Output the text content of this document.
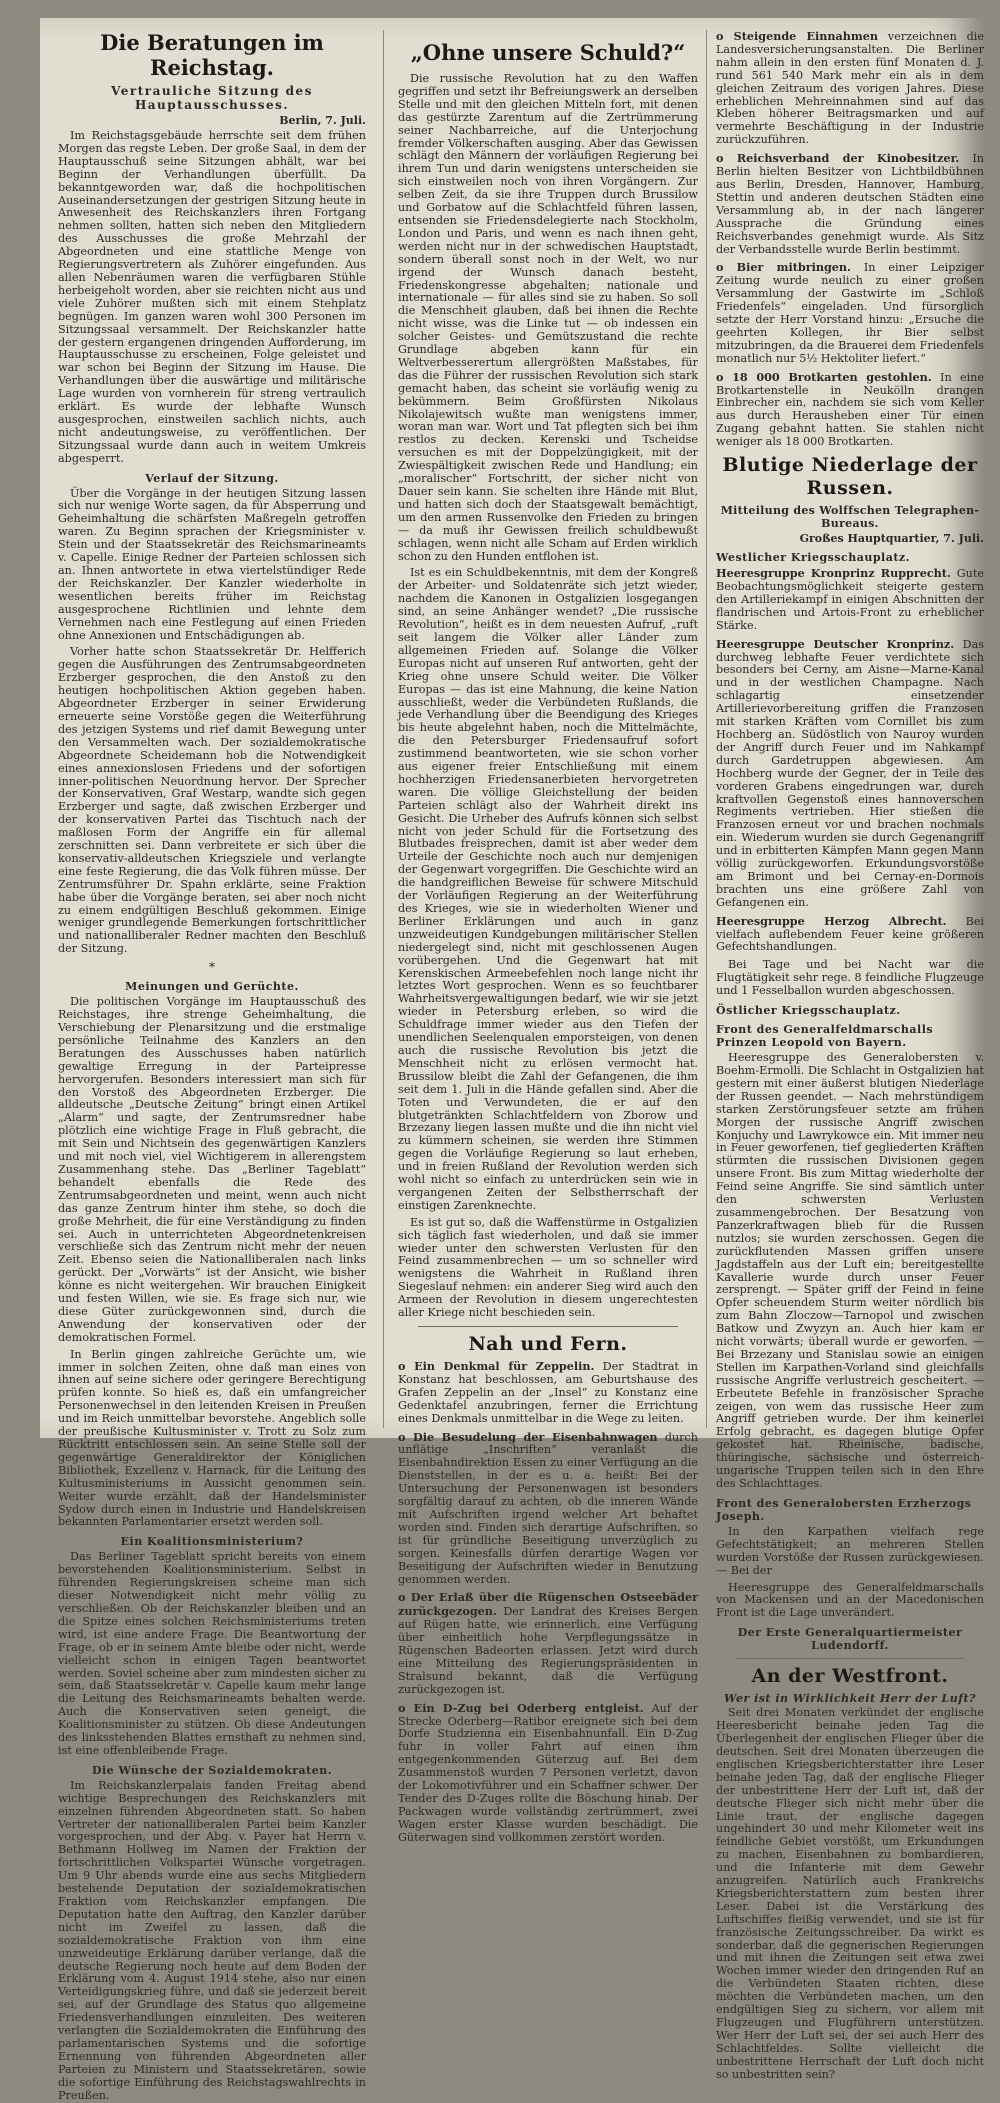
Die Beratungen im Reichstag.
Vertrauliche Sitzung des Hauptausschusses.
Berlin, 7. Juli.

Im Reichstagsgebäude herrschte seit dem frühen Morgen das regste Leben. Der große Saal, in dem der Hauptausschuß seine Sitzungen abhält, war bei Beginn der Verhandlungen überfüllt. Da bekanntgeworden war, daß die hochpolitischen Auseinandersetzungen der gestrigen Sitzung heute in Anwesenheit des Reichskanzlers ihren Fortgang nehmen sollten, hatten sich neben den Mitgliedern des Ausschusses die große Mehrzahl der Abgeordneten und eine stattliche Menge von Regierungsvertretern als Zuhörer eingefunden. Aus allen Nebenräumen waren die verfügbaren Stühle herbeigeholt worden, aber sie reichten nicht aus und viele Zuhörer mußten sich mit einem Stehplatz begnügen. Im ganzen waren wohl 300 Personen im Sitzungssaal versammelt. Der Reichskanzler hatte der gestern ergangenen dringenden Aufforderung, im Hauptausschusse zu erscheinen, Folge geleistet und war schon bei Beginn der Sitzung im Hause. Die Verhandlungen über die auswärtige und militärische Lage wurden von vornherein für streng vertraulich erklärt. Es wurde der lebhafte Wunsch ausgesprochen, einstweilen sachlich nichts, auch nicht andeutungsweise, zu veröffentlichen. Der Sitzungssaal wurde dann auch in weitem Umkreis abgesperrt.

Verlauf der Sitzung.

Über die Vorgänge in der heutigen Sitzung lassen sich nur wenige Worte sagen, da für Absperrung und Geheimhaltung die schärfsten Maßregeln getroffen waren. Zu Beginn sprachen der Kriegsminister v. Stein und der Staatssekretär des Reichsmarineamts v. Capelle. Einige Redner der Parteien schlossen sich an. Ihnen antwortete in etwa viertelstündiger Rede der Reichskanzler. Der Kanzler wiederholte in wesentlichen bereits früher im Reichstag ausgesprochene Richtlinien und lehnte dem Vernehmen nach eine Festlegung auf einen Frieden ohne Annexionen und Entschädigungen ab.

Vorher hatte schon Staatssekretär Dr. Helfferich gegen die Ausführungen des Zentrumsabgeordneten Erzberger gesprochen, die den Anstoß zu den heutigen hochpolitischen Aktion gegeben haben. Abgeordneter Erzberger in seiner Erwiderung erneuerte seine Vorstöße gegen die Weiterführung des jetzigen Systems und rief damit Bewegung unter den Versammelten wach. Der sozialdemokratische Abgeordnete Scheidemann hob die Notwendigkeit eines annexionslosen Friedens und der sofortigen inner-politischen Neuordnung hervor. Der Sprecher der Konservativen, Graf Westarp, wandte sich gegen Erzberger und sagte, daß zwischen Erzberger und der konservativen Partei das Tischtuch nach der maßlosen Form der Angriffe ein für allemal zerschnitten sei. Dann verbreitete er sich über die konservativ-alldeutschen Kriegsziele und verlangte eine feste Regierung, die das Volk führen müsse. Der Zentrumsführer Dr. Spahn erklärte, seine Fraktion habe über die Vorgänge beraten, sei aber noch nicht zu einem endgültigen Beschluß gekommen. Einige weniger grundlegende Bemerkungen fortschrittlicher und nationalliberaler Redner machten den Beschluß der Sitzung.

*
Meinungen und Gerüchte.

Die politischen Vorgänge im Hauptausschuß des Reichstages, ihre strenge Geheimhaltung, die Verschiebung der Plenarsitzung und die erstmalige persönliche Teilnahme des Kanzlers an den Beratungen des Ausschusses haben natürlich gewaltige Erregung in der Parteipresse hervorgerufen. Besonders interessiert man sich für den Vorstoß des Abgeordneten Erzberger. Die alldeutsche „Deutsche Zeitung“ bringt einen Artikel „Alarm“ und sagte, der Zentrumsredner habe plötzlich eine wichtige Frage in Fluß gebracht, die mit Sein und Nichtsein des gegenwärtigen Kanzlers und mit noch viel, viel Wichtigerem in allerengstem Zusammenhang stehe. Das „Berliner Tageblatt“ behandelt ebenfalls die Rede des Zentrumsabgeordneten und meint, wenn auch nicht das ganze Zentrum hinter ihm stehe, so doch die große Mehrheit, die für eine Verständigung zu finden sei. Auch in unterrichteten Abgeordnetenkreisen verschließe sich das Zentrum nicht mehr der neuen Zeit. Ebenso seien die Nationalliberalen nach links gerückt. Der „Vorwärts“ ist der Ansicht, wie bisher könne es nicht weitergehen. Wir brauchen Einigkeit und festen Willen, wie sie. Es frage sich nur, wie diese Güter zurückgewonnen sind, durch die Anwendung der konservativen oder der demokratischen Formel.

In Berlin gingen zahlreiche Gerüchte um, wie immer in solchen Zeiten, ohne daß man eines von ihnen auf seine sichere oder geringere Berechtigung prüfen konnte. So hieß es, daß ein umfangreicher Personenwechsel in den leitenden Kreisen in Preußen und im Reich unmittelbar bevorstehe. Angeblich solle der preußische Kultusminister v. Trott zu Solz zum Rücktritt entschlossen sein. An seine Stelle soll der gegenwärtige Generaldirektor der Königlichen Bibliothek, Exzellenz v. Harnack, für die Leitung des Kultusministeriums in Aussicht genommen sein. Weiter wurde erzählt, daß der Handelsminister Sydow durch einen in Industrie und Handelskreisen bekannten Parlamentarier ersetzt werden soll.

Ein Koalitionsministerium?

Das Berliner Tageblatt spricht bereits von einem bevorstehenden Koalitionsministerium. Selbst in führenden Regierungskreisen scheine man sich dieser Notwendigkeit nicht mehr völlig zu verschließen. Ob der Reichskanzler bleiben und an die Spitze eines solchen Reichsministeriums treten wird, ist eine andere Frage. Die Beantwortung der Frage, ob er in seinem Amte bleibe oder nicht, werde vielleicht schon in einigen Tagen beantwortet werden. Soviel scheine aber zum mindesten sicher zu sein, daß Staatssekretär v. Capelle kaum mehr lange die Leitung des Reichsmarineamts behalten werde. Auch die Konservativen seien geneigt, die Koalitionsminister zu stützen. Ob diese Andeutungen des linksstehenden Blattes ernsthaft zu nehmen sind, ist eine offenbleibende Frage.

Die Wünsche der Sozialdemokraten.

Im Reichskanzlerpalais fanden Freitag abend wichtige Besprechungen des Reichskanzlers mit einzelnen führenden Abgeordneten statt. So haben Vertreter der nationalliberalen Partei beim Kanzler vorgesprochen, und der Abg. v. Payer hat Herrn v. Bethmann Hollweg im Namen der Fraktion der fortschrittlichen Volkspartei Wünsche vorgetragen. Um 9 Uhr abends wurde eine aus sechs Mitgliedern bestehende Deputation der sozialdemokratischen Fraktion vom Reichskanzler empfangen. Die Deputation hatte den Auftrag, den Kanzler darüber nicht im Zweifel zu lassen, daß die sozialdemokratische Fraktion von ihm eine unzweideutige Erklärung darüber verlange, daß die deutsche Regierung noch heute auf dem Boden der Erklärung vom 4. August 1914 stehe, also nur einen Verteidigungskrieg führe, und daß sie jederzeit bereit sei, auf der Grundlage des Status quo allgemeine Friedensverhandlungen einzuleiten. Des weiteren verlangten die Sozialdemokraten die Einführung des parlamentarischen Systems und die sofortige Ernennung von führenden Abgeordneten aller Parteien zu Ministern und Staatssekretären, sowie die sofortige Einführung des Reichstagswahlrechts in Preußen.

„Ohne unsere Schuld?“

Die russische Revolution hat zu den Waffen gegriffen und setzt ihr Befreiungswerk an derselben Stelle und mit den gleichen Mitteln fort, mit denen das gestürzte Zarentum auf die Zertrümmerung seiner Nachbarreiche, auf die Unterjochung fremder Völkerschaften ausging. Aber das Gewissen schlägt den Männern der vorläufigen Regierung bei ihrem Tun und darin wenigstens unterscheiden sie sich einstweilen noch von ihren Vorgängern. Zur selben Zeit, da sie ihre Truppen durch Brussilow und Gorbatow auf die Schlachtfeld führen lassen, entsenden sie Friedensdelegierte nach Stockholm, London und Paris, und wenn es nach ihnen geht, werden nicht nur in der schwedischen Hauptstadt, sondern überall sonst noch in der Welt, wo nur irgend der Wunsch danach besteht, Friedenskongresse abgehalten; nationale und internationale — für alles sind sie zu haben. So soll die Menschheit glauben, daß bei ihnen die Rechte nicht wisse, was die Linke tut — ob indessen ein solcher Geistes- und Gemütszustand die rechte Grundlage abgeben kann für ein Weltverbesserertum allergrößten Maßstabes, für das die Führer der russischen Revolution sich stark gemacht haben, das scheint sie vorläufig wenig zu bekümmern. Beim Großfürsten Nikolaus Nikolajewitsch wußte man wenigstens immer, woran man war. Wort und Tat pflegten sich bei ihm restlos zu decken. Kerenski und Tscheidse versuchen es mit der Doppelzüngigkeit, mit der Zwiespältigkeit zwischen Rede und Handlung; ein „moralischer“ Fortschritt, der sicher nicht von Dauer sein kann. Sie schelten ihre Hände mit Blut, und hatten sich doch der Staatsgewalt bemächtigt, um den armen Russenvolke den Frieden zu bringen — da muß ihr Gewissen freilich schuldbewußt schlagen, wenn nicht alle Scham auf Erden wirklich schon zu den Hunden entflohen ist.

Ist es ein Schuldbekenntnis, mit dem der Kongreß der Arbeiter- und Soldatenräte sich jetzt wieder, nachdem die Kanonen in Ostgalizien losgegangen sind, an seine Anhänger wendet? „Die russische Revolution“, heißt es in dem neuesten Aufruf, „ruft seit langem die Völker aller Länder zum allgemeinen Frieden auf. Solange die Völker Europas nicht auf unseren Ruf antworten, geht der Krieg ohne unsere Schuld weiter. Die Völker Europas — das ist eine Mahnung, die keine Nation ausschließt, weder die Verbündeten Rußlands, die jede Verhandlung über die Beendigung des Krieges bis heute abgelehnt haben, noch die Mittelmächte, die den Petersburger Friedensaufruf sofort zustimmend beantworteten, wie sie schon vorher aus eigener freier Entschließung mit einem hochherzigen Friedensanerbieten hervorgetreten waren. Die völlige Gleichstellung der beiden Parteien schlägt also der Wahrheit direkt ins Gesicht. Die Urheber des Aufrufs können sich selbst nicht von jeder Schuld für die Fortsetzung des Blutbades freisprechen, damit ist aber weder dem Urteile der Geschichte noch auch nur demjenigen der Gegenwart vorgegriffen. Die Geschichte wird an die handgreiflichen Beweise für schwere Mitschuld der Vorläufigen Regierung an der Weiterführung des Krieges, wie sie in wiederholten Wiener und Berliner Erklärungen und auch in ganz unzweideutigen Kundgebungen militärischer Stellen niedergelegt sind, nicht mit geschlossenen Augen vorübergehen. Und die Gegenwart hat mit Kerenskischen Armeebefehlen noch lange nicht ihr letztes Wort gesprochen. Wenn es so feuchtbarer Wahrheitsvergewaltigungen bedarf, wie wir sie jetzt wieder in Petersburg erleben, so wird die Schuldfrage immer wieder aus den Tiefen der unendlichen Seelenqualen emporsteigen, von denen auch die russische Revolution bis jetzt die Menschheit nicht zu erlösen vermocht hat. Brussilow bleibt die Zahl der Gefangenen, die ihm seit dem 1. Juli in die Hände gefallen sind. Aber die Toten und Verwundeten, die er auf den blutgetränkten Schlachtfeldern von Zborow und Brzezany liegen lassen mußte und die ihn nicht viel zu kümmern scheinen, sie werden ihre Stimmen gegen die Vorläufige Regierung so laut erheben, und in freien Rußland der Revolution werden sich wohl nicht so einfach zu unterdrücken sein wie in vergangenen Zeiten der Selbstherrschaft der einstigen Zarenknechte.

Es ist gut so, daß die Waffenstürme in Ostgalizien sich täglich fast wiederholen, und daß sie immer wieder unter den schwersten Verlusten für den Feind zusammenbrechen — um so schneller wird wenigstens die Wahrheit in Rußland ihren Siegeslauf nehmen: ein anderer Sieg wird auch den Armeen der Revolution in diesem ungerechtesten aller Kriege nicht beschieden sein.

Nah und Fern.

o Ein Denkmal für Zeppelin. Der Stadtrat in Konstanz hat beschlossen, am Geburtshause des Grafen Zeppelin an der „Insel“ zu Konstanz eine Gedenktafel anzubringen, ferner die Errichtung eines Denkmals unmittelbar in die Wege zu leiten.

o Die Besudelung der Eisenbahnwagen durch unflätige „Inschriften“ veranlaßt die Eisenbahndirektion Essen zu einer Verfügung an die Dienststellen, in der es u. a. heißt: Bei der Untersuchung der Personenwagen ist besonders sorgfältig darauf zu achten, ob die inneren Wände mit Aufschriften irgend welcher Art behaftet worden sind. Finden sich derartige Aufschriften, so ist für gründliche Beseitigung unverzüglich zu sorgen. Keinesfalls dürfen derartige Wagen vor Beseitigung der Aufschriften wieder in Benutzung genommen werden.

o Der Erlaß über die Rügenschen Ostseebäder zurückgezogen. Der Landrat des Kreises Bergen auf Rügen hatte, wie erinnerlich, eine Verfügung über einheitlich hohe Verpflegungssätze in Rügenschen Badeorten erlassen. Jetzt wird durch eine Mitteilung des Regierungspräsidenten in Stralsund bekannt, daß die Verfügung zurückgezogen ist.

o Ein D-Zug bei Oderberg entgleist. Auf der Strecke Oderberg—Ratibor ereignete sich bei dem Dorfe Studzienna ein Eisenbahnunfall. Ein D-Zug fuhr in voller Fahrt auf einen ihm entgegenkommenden Güterzug auf. Bei dem Zusammenstoß wurden 7 Personen verletzt, davon der Lokomotivführer und ein Schaffner schwer. Der Tender des D-Zuges rollte die Böschung hinab. Der Packwagen wurde vollständig zertrümmert, zwei Wagen erster Klasse wurden beschädigt. Die Güterwagen sind vollkommen zerstört worden.

o Steigende Einnahmen verzeichnen die Landesversicherungsanstalten. Die Berliner nahm allein in den ersten fünf Monaten d. J. rund 561 540 Mark mehr ein als in dem gleichen Zeitraum des vorigen Jahres. Diese erheblichen Mehreinnahmen sind auf das Kleben höherer Beitragsmarken und auf vermehrte Beschäftigung in der Industrie zurückzuführen.

o Reichsverband der Kinobesitzer. In Berlin hielten Besitzer von Lichtbildbühnen aus Berlin, Dresden, Hannover, Hamburg, Stettin und anderen deutschen Städten eine Versammlung ab, in der nach längerer Aussprache die Gründung eines Reichsverbandes genehmigt wurde. Als Sitz der Verbandsstelle wurde Berlin bestimmt.

o Bier mitbringen. In einer Leipziger Zeitung wurde neulich zu einer großen Versammlung der Gastwirte im „Schloß Friedenfels“ eingeladen. Und fürsorglich setzte der Herr Vorstand hinzu: „Ersuche die geehrten Kollegen, ihr Bier selbst mitzubringen, da die Brauerei dem Friedenfels monatlich nur 5½ Hektoliter liefert.“

o 18 000 Brotkarten gestohlen. In eine Brotkartenstelle in Neukölln drangen Einbrecher ein, nachdem sie sich vom Keller aus durch Herausheben einer Tür einen Zugang gebahnt hatten. Sie stahlen nicht weniger als 18 000 Brotkarten.

Blutige Niederlage der Russen.
Mitteilung des Wolffschen Telegraphen-Bureaus.
Großes Hauptquartier, 7. Juli.
Westlicher Kriegsschauplatz.

Heeresgruppe Kronprinz Rupprecht. Gute Beobachtungsmöglichkeit steigerte gestern den Artilleriekampf in einigen Abschnitten der flandrischen und Artois-Front zu erheblicher Stärke.

Heeresgruppe Deutscher Kronprinz. Das durchweg lebhafte Feuer verdichtete sich besonders bei Cerny, am Aisne—Marne-Kanal und in der westlichen Champagne. Nach schlagartig einsetzender Artillerievorbereitung griffen die Franzosen mit starken Kräften vom Cornillet bis zum Hochberg an. Südöstlich von Nauroy wurden der Angriff durch Feuer und im Nahkampf durch Gardetruppen abgewiesen. Am Hochberg wurde der Gegner, der in Teile des vorderen Grabens eingedrungen war, durch kraftvollen Gegenstoß eines hannoverschen Regiments vertrieben. Hier stießen die Franzosen erneut vor und brachen nochmals ein. Wiederum wurden sie durch Gegenangriff und in erbitterten Kämpfen Mann gegen Mann völlig zurückgeworfen. Erkundungsvorstöße am Brimont und bei Cernay-en-Dormois brachten uns eine größere Zahl von Gefangenen ein.

Heeresgruppe Herzog Albrecht. Bei vielfach auflebendem Feuer keine größeren Gefechtshandlungen.

Bei Tage und bei Nacht war die Flugtätigkeit sehr rege. 8 feindliche Flugzeuge und 1 Fesselballon wurden abgeschossen.

Östlicher Kriegsschauplatz.
Front des Generalfeldmarschalls Prinzen Leopold von Bayern.

Heeresgruppe des Generalobersten v. Boehm-Ermolli. Die Schlacht in Ostgalizien hat gestern mit einer äußerst blutigen Niederlage der Russen geendet. — Nach mehrstündigem starken Zerstörungsfeuer setzte am frühen Morgen der russische Angriff zwischen Konjuchy und Lawrykowce ein. Mit immer neu in Feuer geworfenen, tief gegliederten Kräften stürmten die russischen Divisionen gegen unsere Front. Bis zum Mittag wiederholte der Feind seine Angriffe. Sie sind sämtlich unter den schwersten Verlusten zusammengebrochen. Der Besatzung von Panzerkraftwagen blieb für die Russen nutzlos; sie wurden zerschossen. Gegen die zurückflutenden Massen griffen unsere Jagdstaffeln aus der Luft ein; bereitgestellte Kavallerie wurde durch unser Feuer zersprengt. — Später griff der Feind in feine Opfer scheuendem Sturm weiter nördlich bis zum Bahn Zloczow—Tarnopol und zwischen Batkow und Zwyzyn an. Auch hier kam er nicht vorwärts; überall wurde er geworfen. — Bei Brzezany und Stanislau sowie an einigen Stellen im Karpathen-Vorland sind gleichfalls russische Angriffe verlustreich gescheitert. — Erbeutete Befehle in französischer Sprache zeigen, von wem das russische Heer zum Angriff getrieben wurde. Der ihm keinerlei Erfolg gebracht, es dagegen blutige Opfer gekostet hat. Rheinische, badische, thüringische, sächsische und österreich-ungarische Truppen teilen sich in den Ehre des Schlachttages.

Front des Generalobersten Erzherzogs Joseph.

In den Karpathen vielfach rege Gefechtstätigkeit; an mehreren Stellen wurden Vorstöße der Russen zurückgewiesen. — Bei der

Heeresgruppe des Generalfeldmarschalls von Mackensen und an der Macedonischen Front ist die Lage unverändert.

Der Erste Generalquartiermeister Ludendorff.
An der Westfront.
Wer ist in Wirklichkeit Herr der Luft?

Seit drei Monaten verkündet der englische Heeresbericht beinahe jeden Tag die Überlegenheit der englischen Flieger über die deutschen. Seit drei Monaten überzeugen die englischen Kriegsberichterstatter ihre Leser beinahe jeden Tag, daß der englische Flieger der unbestrittene Herr der Luft ist, daß der deutsche Flieger sich nicht mehr über die Linie traut, der englische dagegen ungehindert 30 und mehr Kilometer weit ins feindliche Gebiet vorstößt, um Erkundungen zu machen, Eisenbahnen zu bombardieren, und die Infanterie mit dem Gewehr anzugreifen. Natürlich auch Frankreichs Kriegsberichterstattern zum besten ihrer Leser. Dabei ist die Verstärkung des Luftschiffes fleißig verwendet, und sie ist für französische Zeitungsschreiber. Da wirkt es sonderbar, daß die gegnerischen Regierungen und mit ihnen die Zeitungen seit etwa zwei Wochen immer wieder den dringenden Ruf an die Verbündeten Staaten richten, diese möchten die Verbündeten machen, um den endgültigen Sieg zu sichern, vor allem mit Flugzeugen und Flugführern unterstützen. Wer Herr der Luft sei, der sei auch Herr des Schlachtfeldes. Sollte vielleicht die unbestrittene Herrschaft der Luft doch nicht so unbestritten sein?
